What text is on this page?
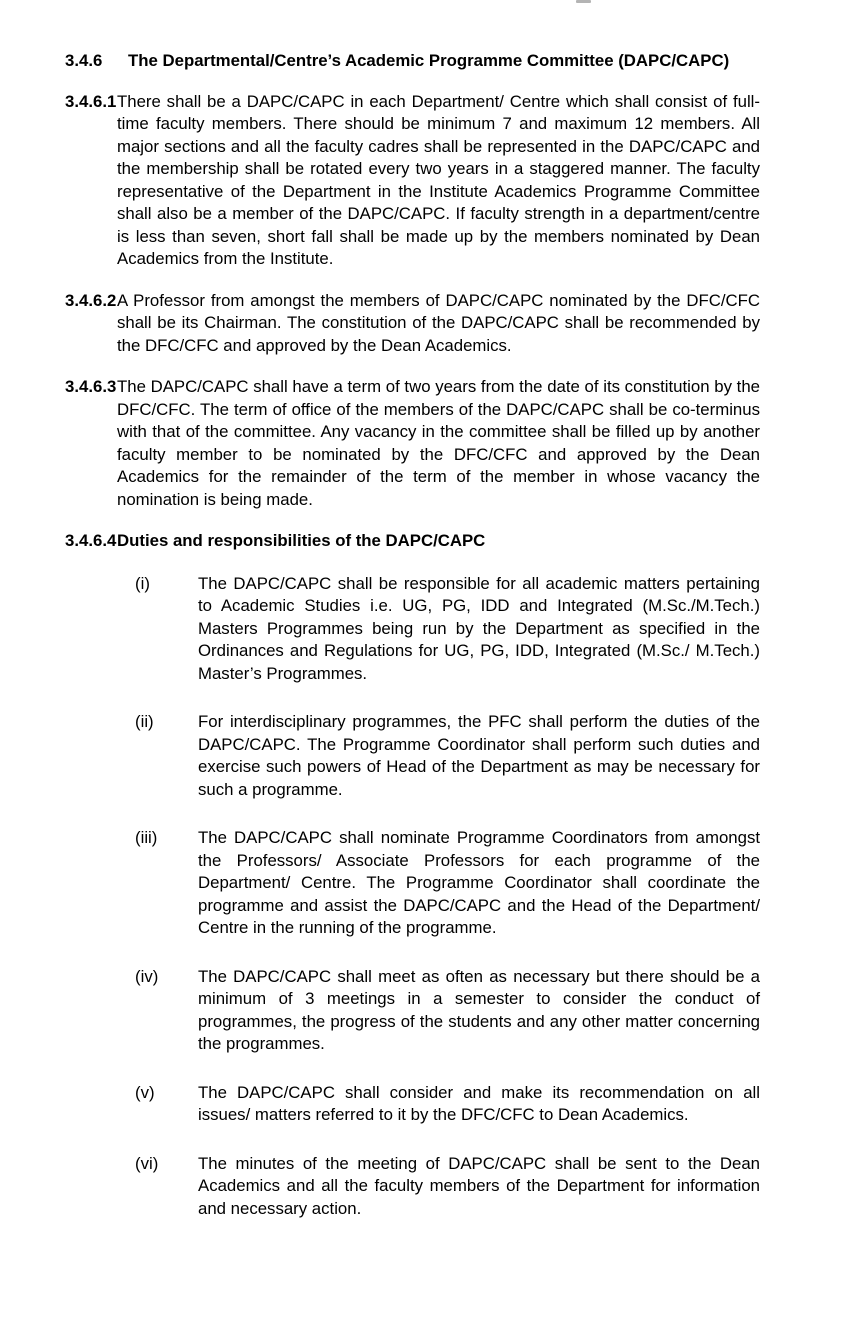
3.4.6	The Departmental/Centre’s Academic Programme Committee (DAPC/CAPC)
3.4.6.1 There shall be a DAPC/CAPC in each Department/ Centre which shall consist of full-time faculty members. There should be minimum 7 and maximum 12 members. All major sections and all the faculty cadres shall be represented in the DAPC/CAPC and the membership shall be rotated every two years in a staggered manner. The faculty representative of the Department in the Institute Academics Programme Committee shall also be a member of the DAPC/CAPC. If faculty strength in a department/centre is less than seven, short fall shall be made up by the members nominated by Dean Academics from the Institute.
3.4.6.2 A Professor from amongst the members of DAPC/CAPC nominated by the DFC/CFC shall be its Chairman. The constitution of the DAPC/CAPC shall be recommended by the DFC/CFC and approved by the Dean Academics.
3.4.6.3 The DAPC/CAPC shall have a term of two years from the date of its constitution by the DFC/CFC. The term of office of the members of the DAPC/CAPC shall be co-terminus with that of the committee. Any vacancy in the committee shall be filled up by another faculty member to be nominated by the DFC/CFC and approved by the Dean Academics for the remainder of the term of the member in whose vacancy the nomination is being made.
3.4.6.4 Duties and responsibilities of the DAPC/CAPC
(i)	The DAPC/CAPC shall be responsible for all academic matters pertaining to Academic Studies i.e. UG, PG, IDD and Integrated (M.Sc./M.Tech.) Masters Programmes being run by the Department as specified in the Ordinances and Regulations for UG, PG, IDD, Integrated (M.Sc./ M.Tech.) Master’s Programmes.
(ii)	For interdisciplinary programmes, the PFC shall perform the duties of the DAPC/CAPC. The Programme Coordinator shall perform such duties and exercise such powers of Head of the Department as may be necessary for such a programme.
(iii)	The DAPC/CAPC shall nominate Programme Coordinators from amongst the Professors/ Associate Professors for each programme of the Department/ Centre. The Programme Coordinator shall coordinate the programme and assist the DAPC/CAPC and the Head of the Department/ Centre in the running of the programme.
(iv)	The DAPC/CAPC shall meet as often as necessary but there should be a minimum of 3 meetings in a semester to consider the conduct of programmes, the progress of the students and any other matter concerning the programmes.
(v)	The DAPC/CAPC shall consider and make its recommendation on all issues/ matters referred to it by the DFC/CFC to Dean Academics.
(vi)	The minutes of the meeting of DAPC/CAPC shall be sent to the Dean Academics and all the faculty members of the Department for information and necessary action.
